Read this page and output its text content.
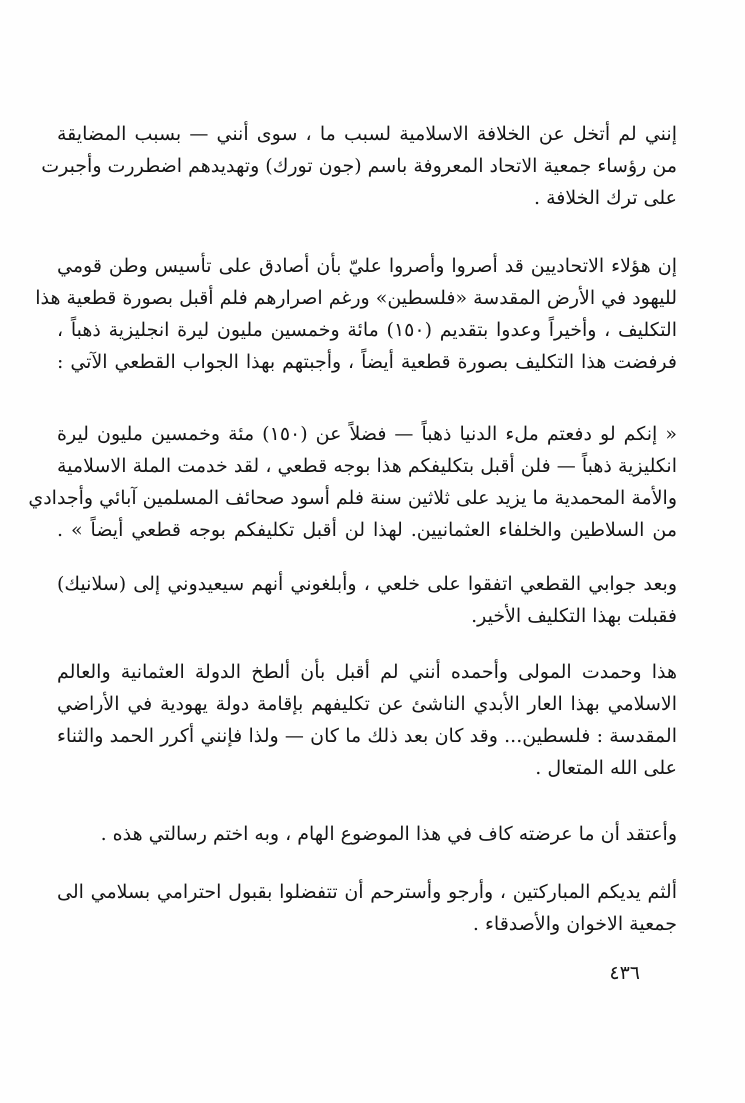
إنني لم أتخل عن الخلافة الاسلامية لسبب ما ، سوى أنني — بسبب المضايقة
من رؤساء جمعية الاتحاد المعروفة باسم (جون تورك) وتهديدهم اضطررت وأجبرت
على ترك الخلافة .
إن هؤلاء الاتحاديين قد أصروا وأصروا عليّ بأن أصادق على تأسيس وطن قومي
لليهود في الأرض المقدسة «فلسطين» ورغم اصرارهم فلم أقبل بصورة قطعية هذا
التكليف ، وأخيراً وعدوا بتقديم (١٥٠) مائة وخمسين مليون ليرة انجليزية ذهباً ،
فرفضت هذا التكليف بصورة قطعية أيضاً ، وأجبتهم بهذا الجواب القطعي الآتي :
« إنكم لو دفعتم ملء الدنيا ذهباً — فضلاً عن (١٥٠) مئة وخمسين مليون ليرة
انكليزية ذهباً — فلن أقبل بتكليفكم هذا بوجه قطعي ، لقد خدمت الملة الاسلامية
والأمة المحمدية ما يزيد على ثلاثين سنة فلم أسود صحائف المسلمين آبائي وأجدادي
من السلاطين والخلفاء العثمانيين. لهذا لن أقبل تكليفكم بوجه قطعي أيضاً » .
وبعد جوابي القطعي اتفقوا على خلعي ، وأبلغوني أنهم سيعيدوني إلى (سلانيك)
فقبلت بهذا التكليف الأخير.
هذا وحمدت المولى وأحمده أنني لم أقبل بأن ألطخ الدولة العثمانية والعالم
الاسلامي بهذا العار الأبدي الناشئ عن تكليفهم بإقامة دولة يهودية في الأراضي
المقدسة : فلسطين... وقد كان بعد ذلك ما كان — ولذا فإنني أكرر الحمد والثناء
على الله المتعال .
وأعتقد أن ما عرضته كاف في هذا الموضوع الهام ، وبه اختم رسالتي هذه .
ألثم يديكم المباركتين ، وأرجو وأسترحم أن تتفضلوا بقبول احترامي بسلامي الى
جمعية الاخوان والأصدقاء .
٤٣٦
